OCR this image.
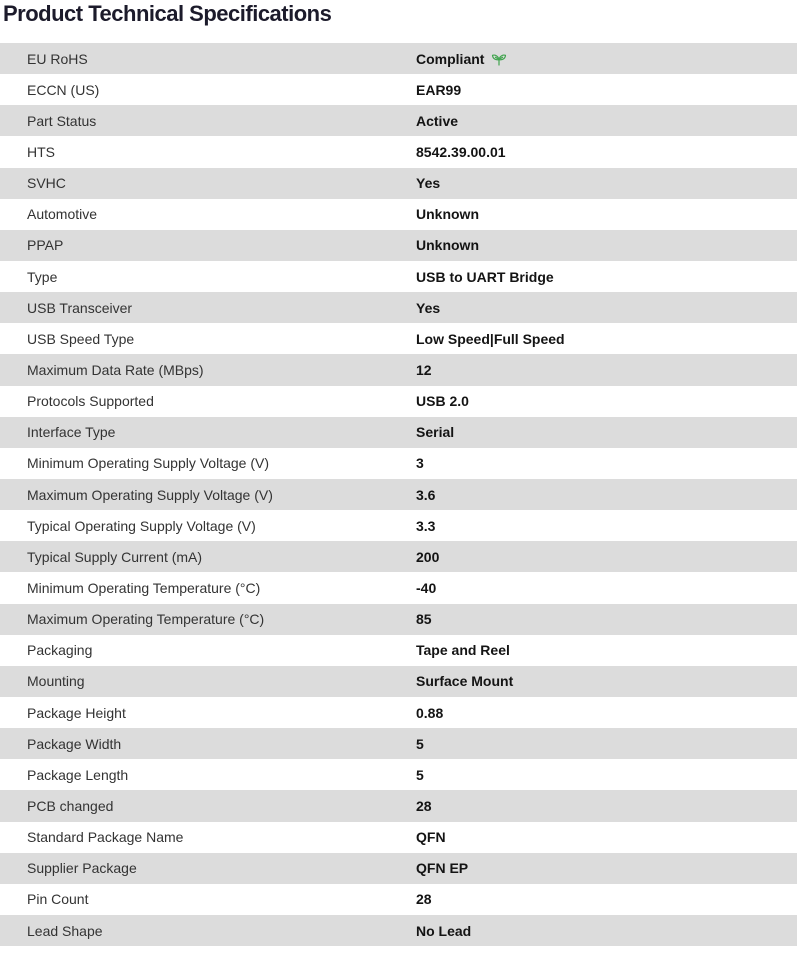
Product Technical Specifications
EU RoHS	Compliant
ECCN (US)	EAR99
Part Status	Active
HTS	8542.39.00.01
SVHC	Yes
Automotive	Unknown
PPAP	Unknown
Type	USB to UART Bridge
USB Transceiver	Yes
USB Speed Type	Low Speed|Full Speed
Maximum Data Rate (MBps)	12
Protocols Supported	USB 2.0
Interface Type	Serial
Minimum Operating Supply Voltage (V)	3
Maximum Operating Supply Voltage (V)	3.6
Typical Operating Supply Voltage (V)	3.3
Typical Supply Current (mA)	200
Minimum Operating Temperature (°C)	-40
Maximum Operating Temperature (°C)	85
Packaging	Tape and Reel
Mounting	Surface Mount
Package Height	0.88
Package Width	5
Package Length	5
PCB changed	28
Standard Package Name	QFN
Supplier Package	QFN EP
Pin Count	28
Lead Shape	No Lead
